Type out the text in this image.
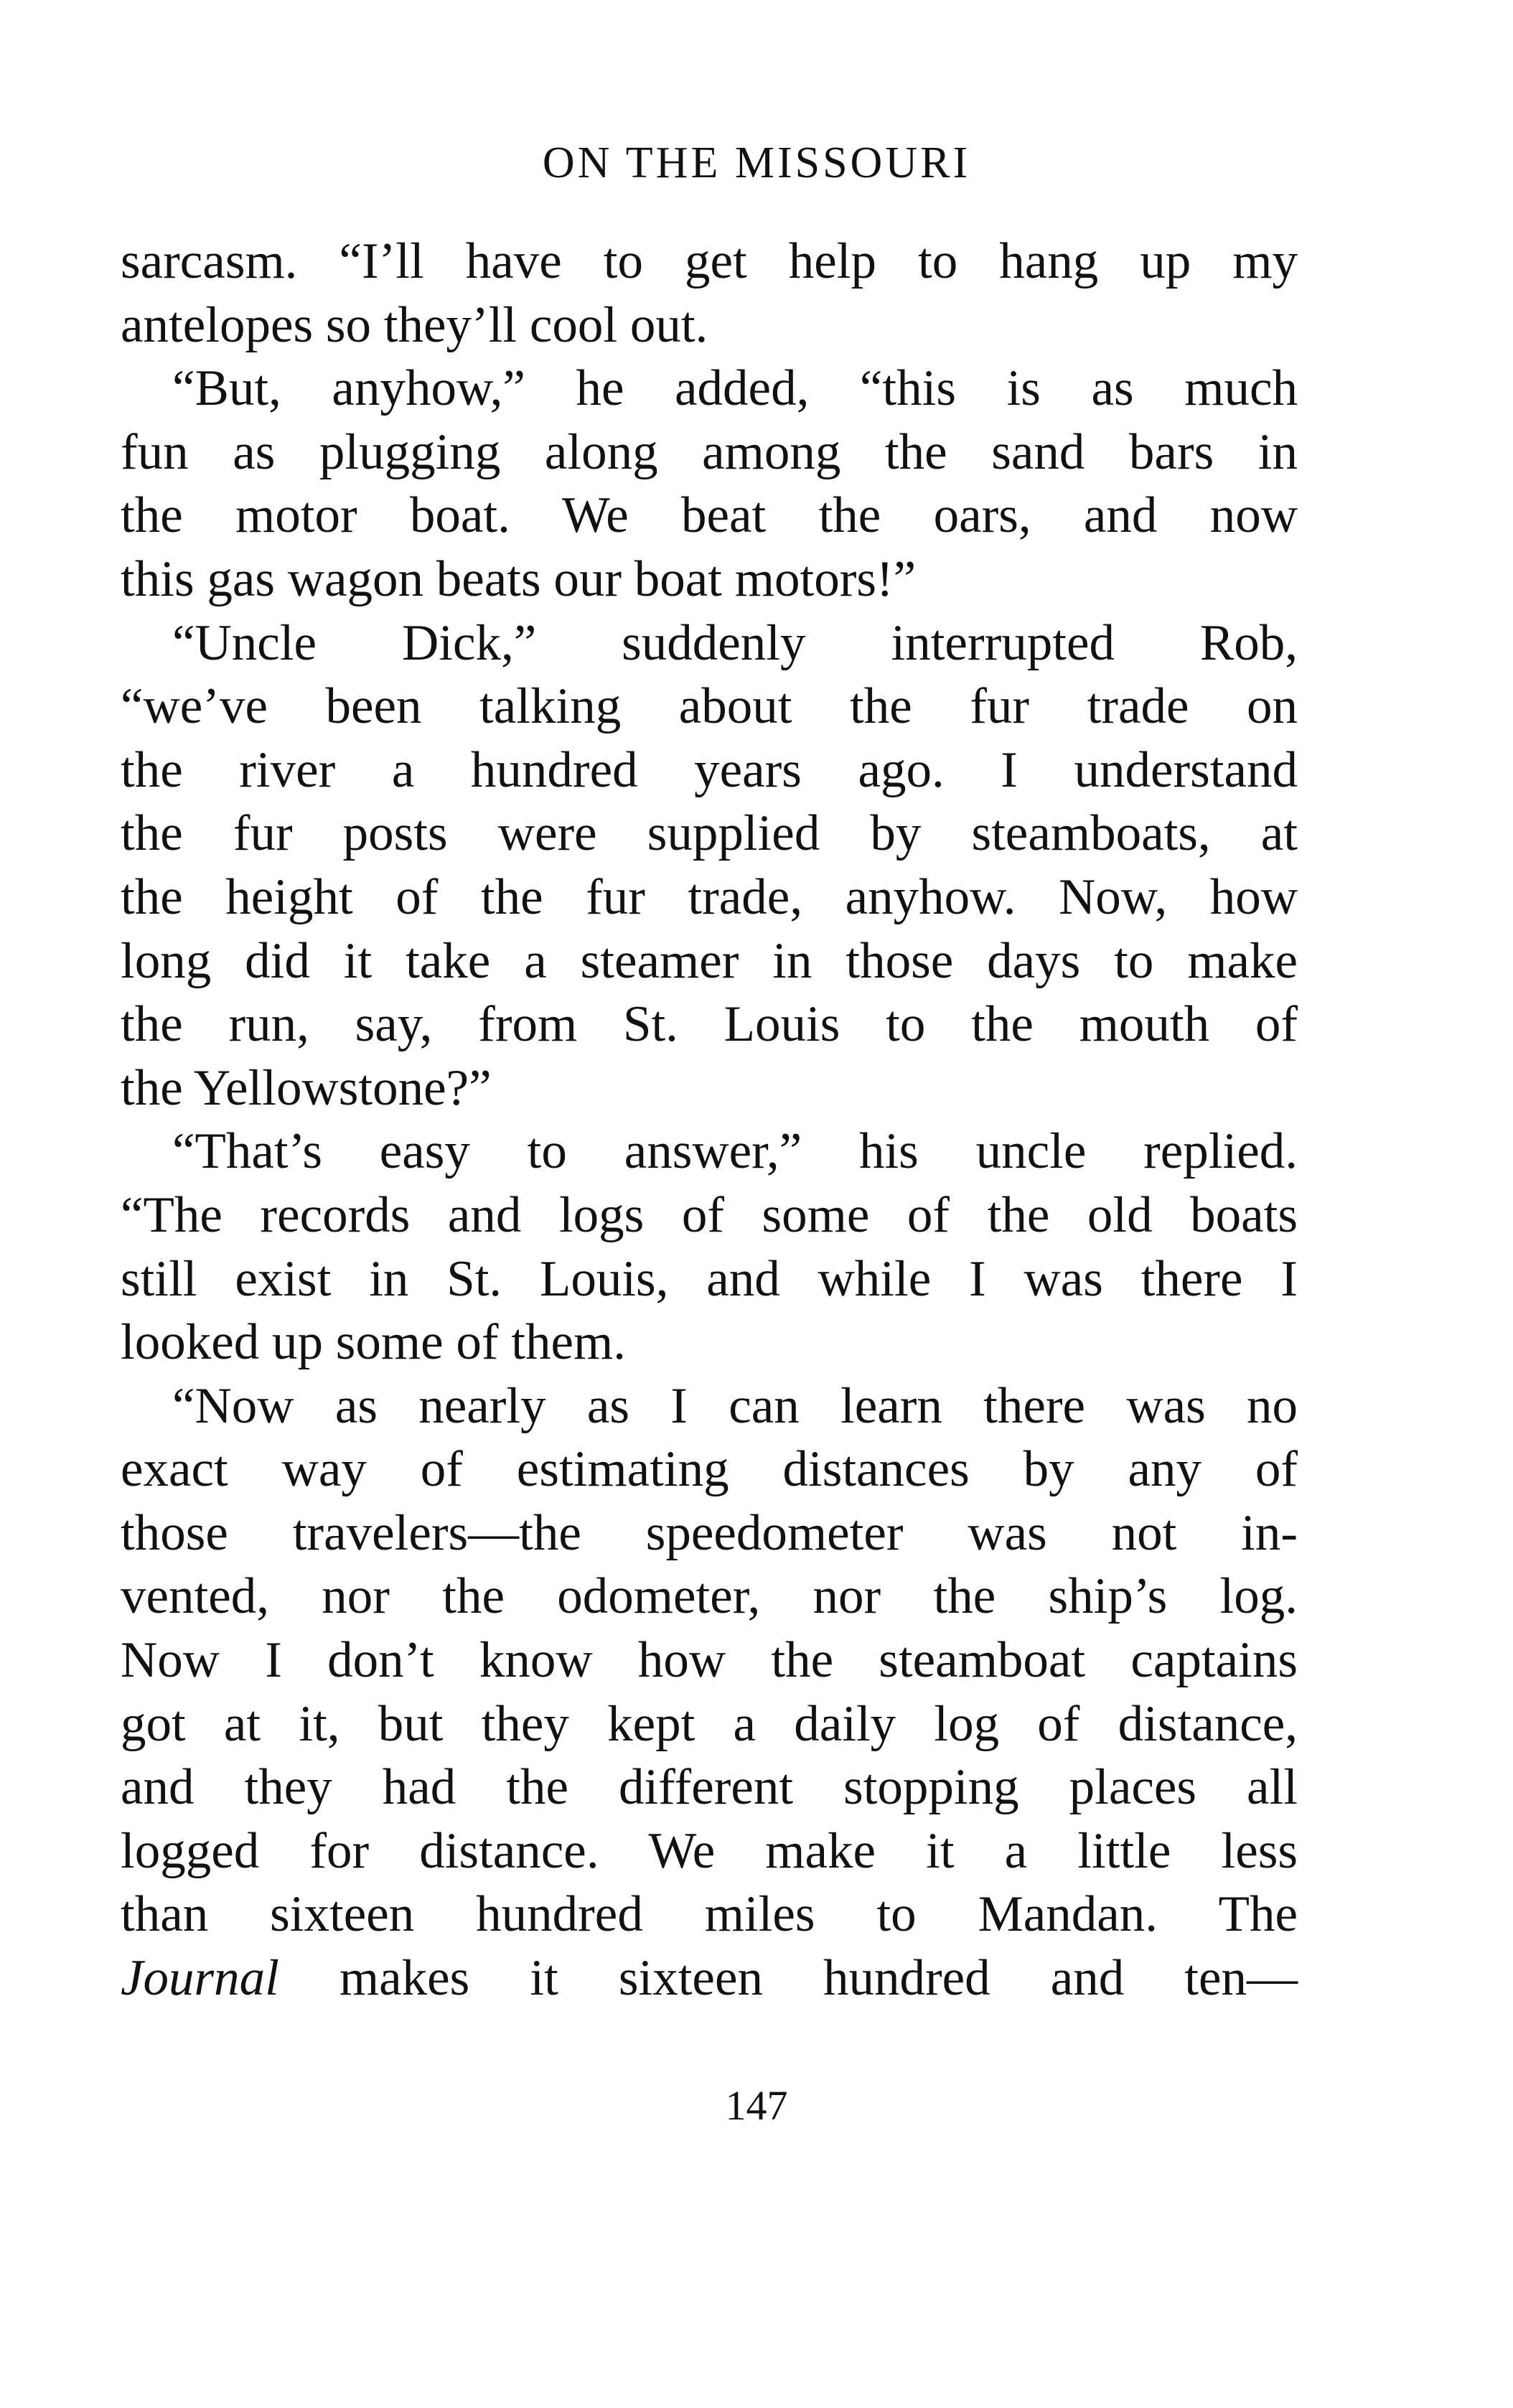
ON THE MISSOURI
sarcasm. “I’ll have to get help to hang up my
antelopes so they’ll cool out.
“But, anyhow,” he added, “this is as much
fun as plugging along among the sand bars in
the motor boat. We beat the oars, and now
this gas wagon beats our boat motors!”
“Uncle Dick,” suddenly interrupted Rob,
“we’ve been talking about the fur trade on
the river a hundred years ago. I understand
the fur posts were supplied by steamboats, at
the height of the fur trade, anyhow. Now, how
long did it take a steamer in those days to make
the run, say, from St. Louis to the mouth of
the Yellowstone?”
“That’s easy to answer,” his uncle replied.
“The records and logs of some of the old boats
still exist in St. Louis, and while I was there I
looked up some of them.
“Now as nearly as I can learn there was no
exact way of estimating distances by any of
those travelers—the speedometer was not in-
vented, nor the odometer, nor the ship’s log.
Now I don’t know how the steamboat captains
got at it, but they kept a daily log of distance,
and they had the different stopping places all
logged for distance. We make it a little less
than sixteen hundred miles to Mandan. The
Journal makes it sixteen hundred and ten—
147
